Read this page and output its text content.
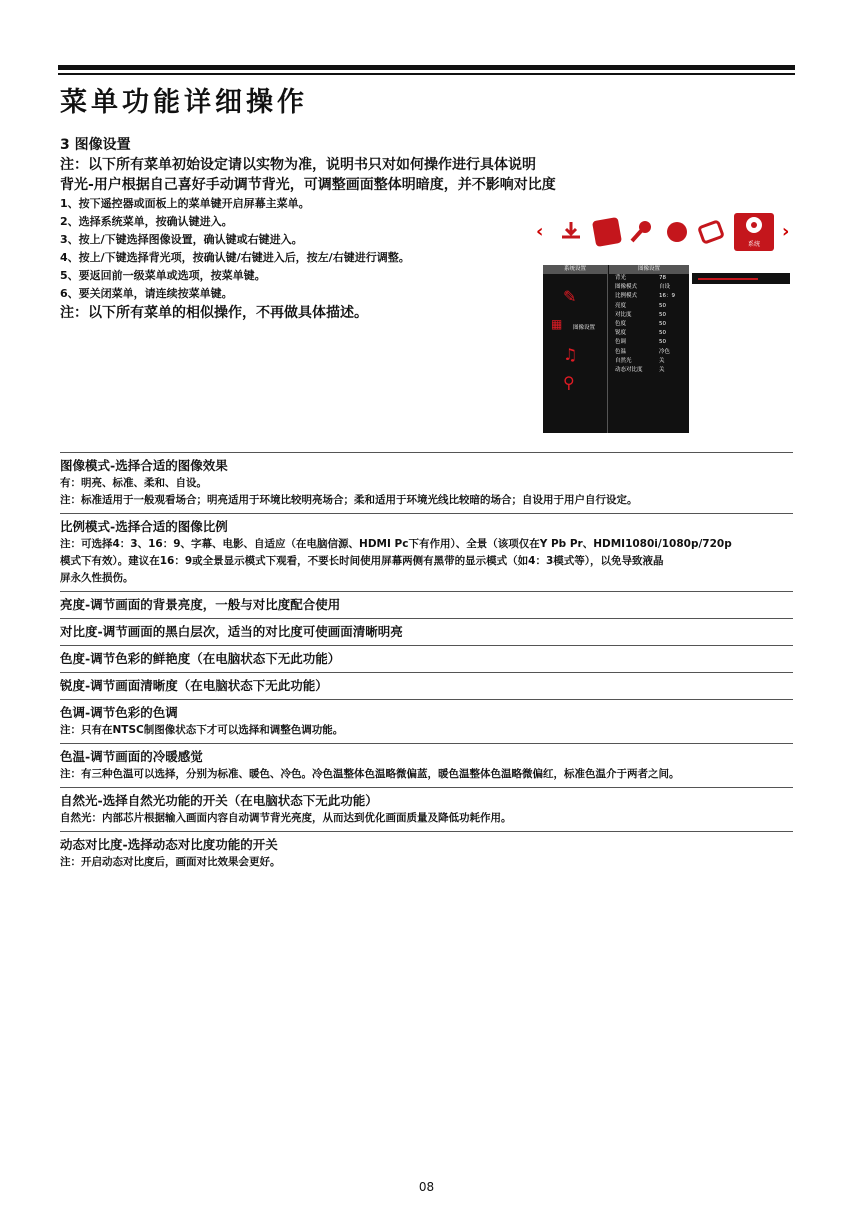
菜单功能详细操作
3 图像设置
注：以下所有菜单初始设定请以实物为准，说明书只对如何操作进行具体说明
背光-用户根据自己喜好手动调节背光，可调整画面整体明暗度，并不影响对比度
1、按下遥控器或面板上的菜单键开启屏幕主菜单。
2、选择系统菜单，按确认键进入。
3、按上/下键选择图像设置，确认键或右键进入。
4、按上/下键选择背光项，按确认键/右键进入后，按左/右键进行调整。
5、要返回前一级菜单或选项，按菜单键。
6、要关闭菜单，请连续按菜单键。
注：以下所有菜单的相似操作，不再做具体描述。
‹
系统
›
系统设置
✎
▦ 图像设置
♫
⚲
图像设置
背光	78
图像模式	自设
比例模式	16：9
亮度	50
对比度	50
色度	50
锐度	50
色调	50
色温	冷色
自然光	关
动态对比度	关
图像模式-选择合适的图像效果
有：明亮、标准、柔和、自设。
注：标准适用于一般观看场合；明亮适用于环境比较明亮场合；柔和适用于环境光线比较暗的场合；自设用于用户自行设定。
比例模式-选择合适的图像比例
注：可选择4：3、16：9、字幕、电影、自适应（在电脑信源、HDMI Pc下有作用）、全景（该项仅在Y Pb Pr、HDMI1080i/1080p/720p
模式下有效）。建议在16：9或全景显示模式下观看，不要长时间使用屏幕两侧有黑带的显示模式（如4：3模式等），以免导致液晶
屏永久性损伤。
亮度-调节画面的背景亮度，一般与对比度配合使用
对比度-调节画面的黑白层次，适当的对比度可使画面清晰明亮
色度-调节色彩的鲜艳度（在电脑状态下无此功能）
锐度-调节画面清晰度（在电脑状态下无此功能）
色调-调节色彩的色调
注：只有在NTSC制图像状态下才可以选择和调整色调功能。
色温-调节画面的冷暖感觉
注：有三种色温可以选择，分别为标准、暖色、冷色。冷色温整体色温略微偏蓝，暖色温整体色温略微偏红，标准色温介于两者之间。
自然光-选择自然光功能的开关（在电脑状态下无此功能）
自然光：内部芯片根据输入画面内容自动调节背光亮度，从而达到优化画面质量及降低功耗作用。
动态对比度-选择动态对比度功能的开关
注：开启动态对比度后，画面对比效果会更好。
08
